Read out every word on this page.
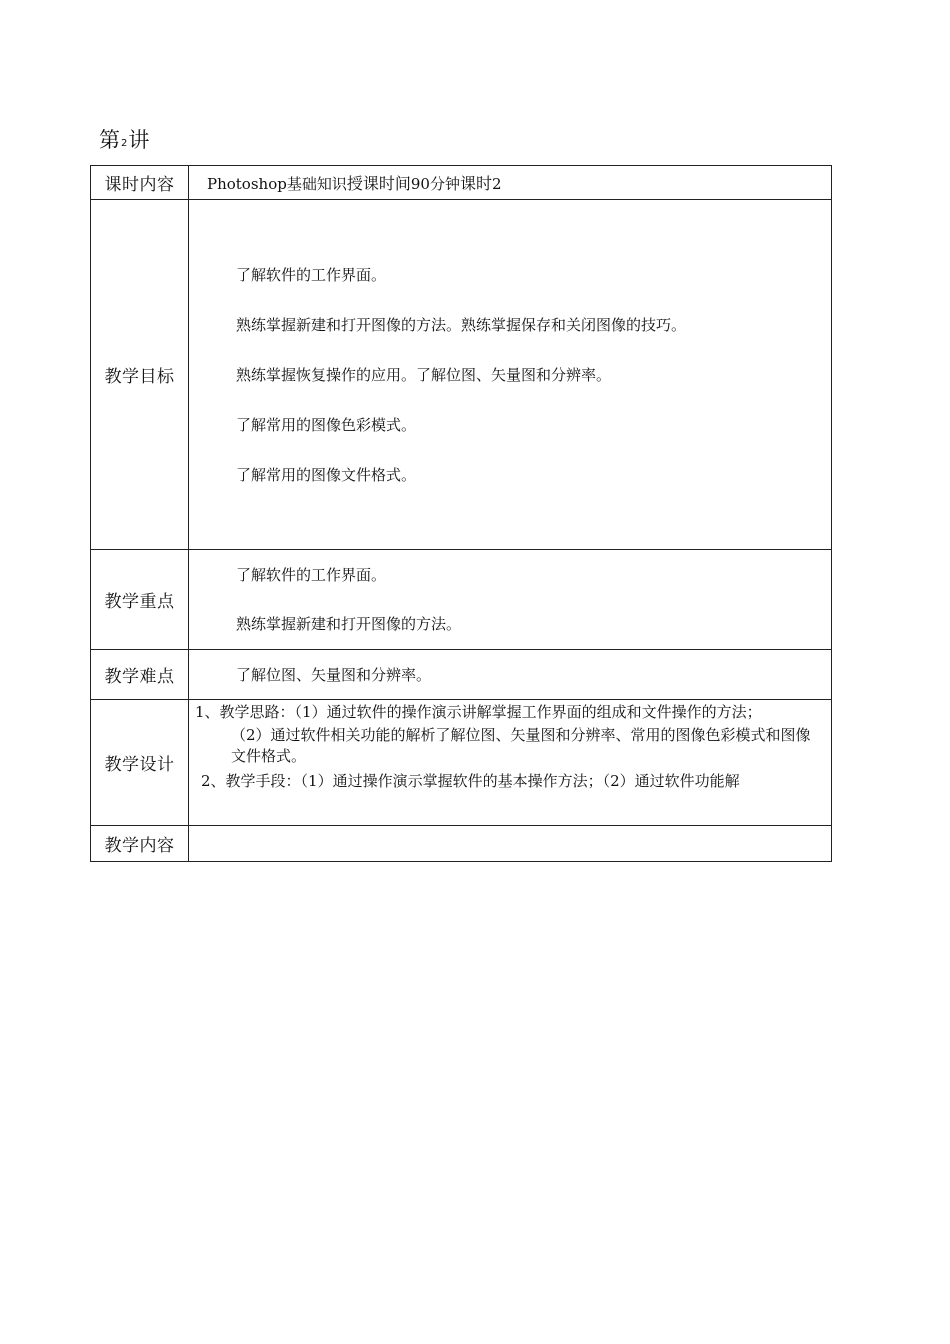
第2讲
课时内容	Photoshop基础知识授课时间90分钟课时2

教学目标	了解软件的工作界面。

熟练掌握新建和打开图像的方法。熟练掌握保存和关闭图像的技巧。

熟练掌握恢复操作的应用。了解位图、矢量图和分辨率。

了解常用的图像色彩模式。

了解常用的图像文件格式。

教学重点	了解软件的工作界面。

熟练掌握新建和打开图像的方法。

教学难点	了解位图、矢量图和分辨率。

教学设计	1、教学思路：（1）通过软件的操作演示讲解掌握工作界面的组成和文件操作的方法；

（2）通过软件相关功能的解析了解位图、矢量图和分辨率、常用的图像色彩模式和图像文件格式。

2、教学手段：（1）通过操作演示掌握软件的基本操作方法；（2）通过软件功能解

教学内容	
